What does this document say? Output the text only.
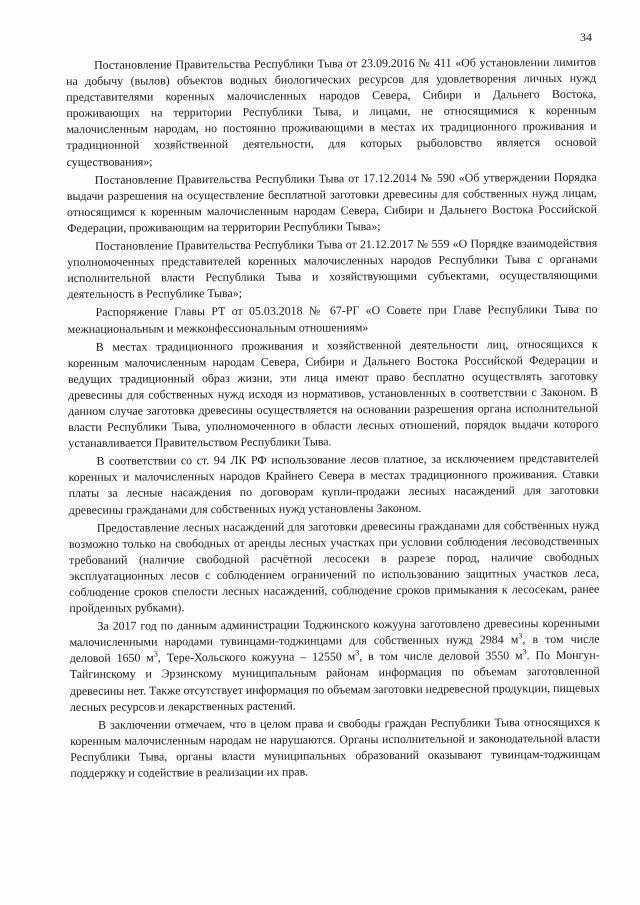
34

Постановление Правительства Республики Тыва от 23.09.2016 № 411 «Об установлении лимитов на добычу (вылов) объектов водных биологических ресурсов для удовлетворения личных нужд представителями коренных малочисленных народов Севера, Сибири и Дальнего Востока, проживающих на территории Республики Тыва, и лицами, не относящимися к коренным малочисленным народам, но постоянно проживающими в местах их традиционного проживания и традиционной хозяйственной деятельности, для которых рыболовство является основой существования»;

Постановление Правительства Республики Тыва от 17.12.2014 № 590 «Об утверждении Порядка выдачи разрешения на осуществление бесплатной заготовки древесины для собственных нужд лицам, относящимся к коренным малочисленным народам Севера, Сибири и Дальнего Востока Российской Федерации, проживающим на территории Республики Тыва»;

Постановление Правительства Республики Тыва от 21.12.2017 № 559 «О Порядке взаимодействия уполномоченных представителей коренных малочисленных народов Республики Тыва с органами исполнительной власти Республики Тыва и хозяйствующими субъектами, осуществляющими деятельность в Республике Тыва»;

Распоряжение Главы РТ от 05.03.2018 № 67-РГ «О Совете при Главе Республики Тыва по межнациональным и межконфессиональным отношениям»

В местах традиционного проживания и хозяйственной деятельности лиц, относящихся к коренным малочисленным народам Севера, Сибири и Дальнего Востока Российской Федерации и ведущих традиционный образ жизни, эти лица имеют право бесплатно осуществлять заготовку древесины для собственных нужд исходя из нормативов, установленных в соответствии с Законом. В данном случае заготовка древесины осуществляется на основании разрешения органа исполнительной власти Республики Тыва, уполномоченного в области лесных отношений, порядок выдачи которого устанавливается Правительством Республики Тыва.

В соответствии со ст. 94 ЛК РФ использование лесов платное, за исключением представителей коренных и малочисленных народов Крайнего Севера в местах традиционного проживания. Ставки платы за лесные насаждения по договорам купли-продажи лесных насаждений для заготовки древесины гражданами для собственных нужд установлены Законом.

Предоставление лесных насаждений для заготовки древесины гражданами для собственных нужд возможно только на свободных от аренды лесных участках при условии соблюдения лесоводственных требований (наличие свободной расчётной лесосеки в разрезе пород, наличие свободных эксплуатационных лесов с соблюдением ограничений по использованию защитных участков леса, соблюдение сроков спелости лесных насаждений, соблюдение сроков примыкания к лесосекам, ранее пройденных рубками).

За 2017 год по данным администрации Тоджинского кожууна заготовлено древесины коренными малочисленными народами тувинцами-тоджинцами для собственных нужд 2984 $м^3$, в том числе деловой 1650 $м^3$, Тере-Хольского кожууна – 12550 $м^3$, в том числе деловой 3550 $м^3$. По Монгун-Тайгинскому и Эрзинскому муниципальным районам информация по объемам заготовленной древесины нет. Также отсутствует информация по объемам заготовки недревесной продукции, пищевых лесных ресурсов и лекарственных растений.

В заключении отмечаем, что в целом права и свободы граждан Республики Тыва относящихся к коренным малочисленным народам не нарушаются. Органы исполнительной и законодательной власти Республики Тыва, органы власти муниципальных образований оказывают тувинцам-тоджинцам поддержку и содействие в реализации их прав.
